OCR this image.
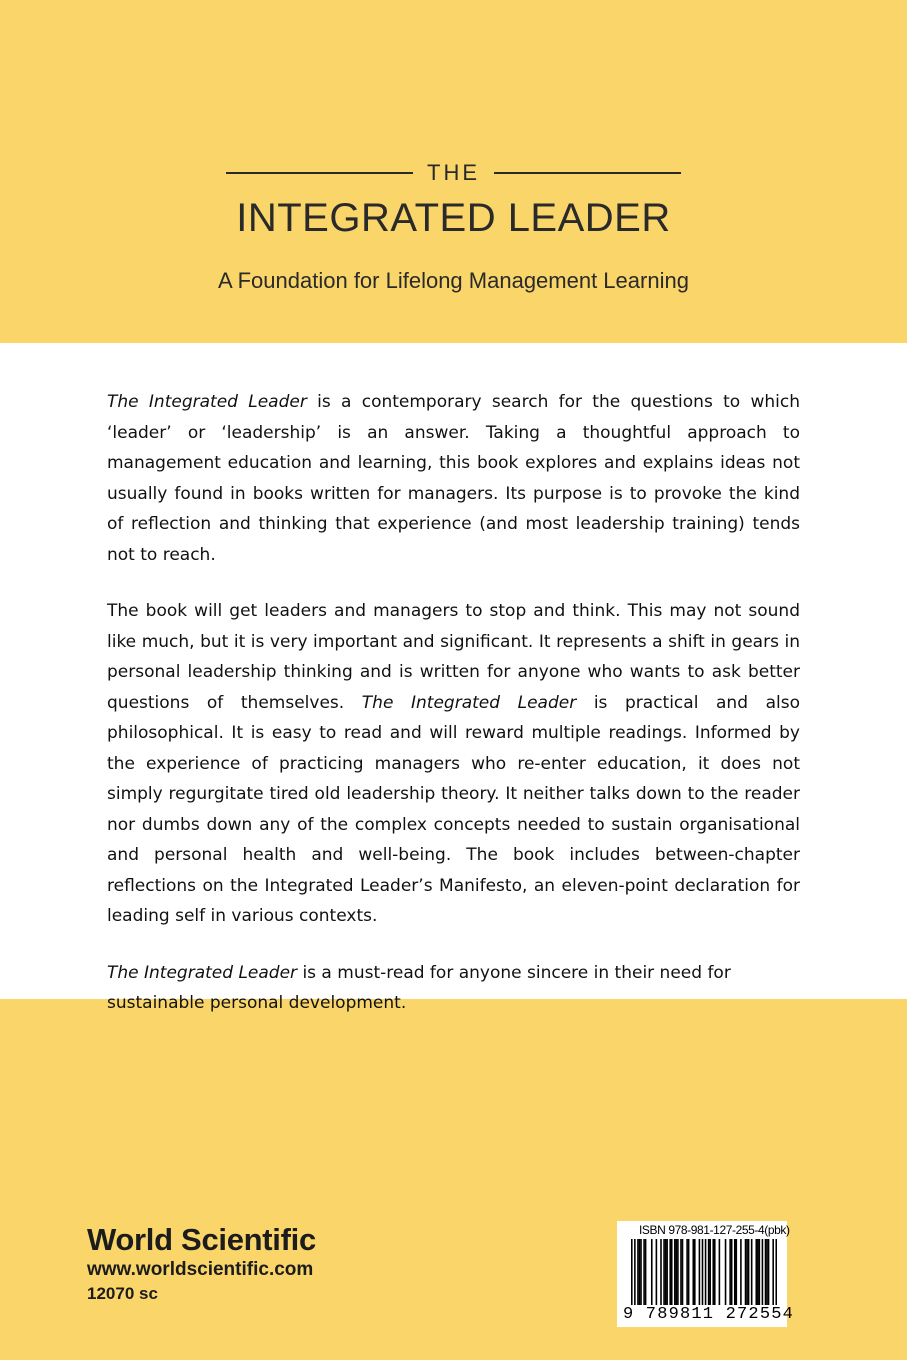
THE
INTEGRATED LEADER
A Foundation for Lifelong Management Learning

The Integrated Leader is a contemporary search for the questions to which ‘leader’ or ‘leadership’ is an answer. Taking a thoughtful approach to management education and learning, this book explores and explains ideas not usually found in books written for managers. Its purpose is to provoke the kind of reflection and thinking that experience (and most leadership training) tends not to reach.

The book will get leaders and managers to stop and think. This may not sound like much, but it is very important and significant. It represents a shift in gears in personal leadership thinking and is written for anyone who wants to ask better questions of themselves. The Integrated Leader is practical and also philosophical. It is easy to read and will reward multiple readings. Informed by the experience of practicing managers who re-enter education, it does not simply regurgitate tired old leadership theory. It neither talks down to the reader nor dumbs down any of the complex concepts needed to sustain organisational and personal health and well-being. The book includes between-chapter reflections on the Integrated Leader’s Manifesto, an eleven-point declaration for leading self in various contexts.

The Integrated Leader is a must-read for anyone sincere in their need for sustainable personal development.

World Scientific
www.worldscientific.com
12070 sc
ISBN 978-981-127-255-4(pbk)
9 789811 272554
